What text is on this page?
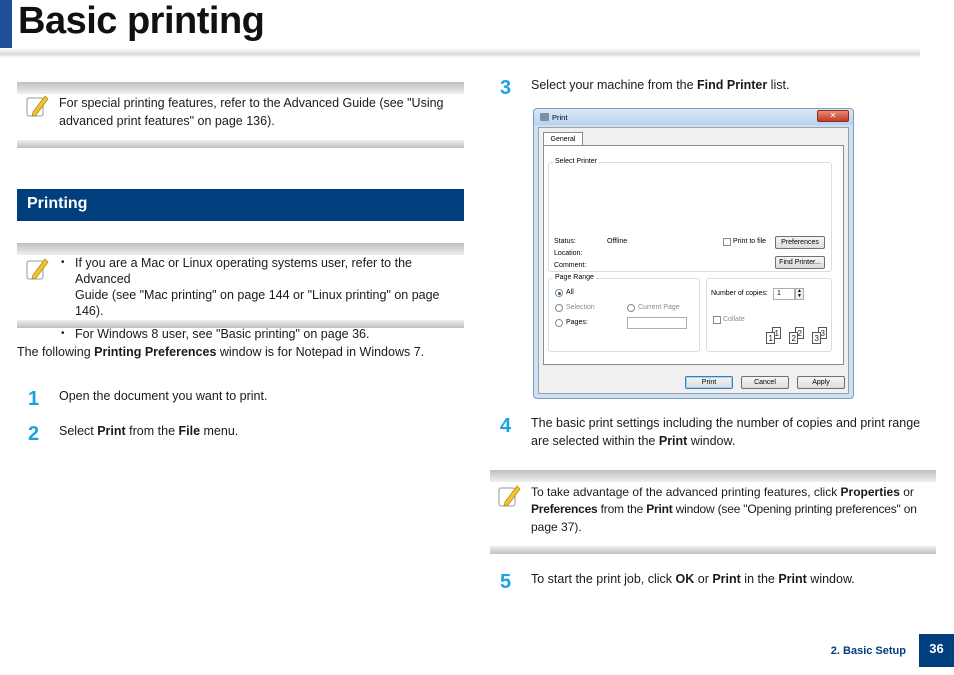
Basic printing
For special printing features, refer to the Advanced Guide (see "Using
advanced print features" on page 136).
Printing
• If you are a Mac or Linux operating systems user, refer to the Advanced
Guide (see "Mac printing" on page 144 or "Linux printing" on page 146).
• For Windows 8 user, see "Basic printing" on page 36.
The following Printing Preferences window is for Notepad in Windows 7.
1 Open the document you want to print.
2 Select Print from the File menu.
3 Select your machine from the Find Printer list.
Print	✕
General
Select Printer
Status:	Offline
Location:
Comment:
Print to file	Preferences
Find Printer...
Page Range
All
Selection	Current Page
Pages:
Number of copies:	1	▲
▼
Collate
Print	Cancel	Apply
1
1
2
2
3
3
4 The basic print settings including the number of copies and print range
are selected within the Print window.
To take advantage of the advanced printing features, click Properties or
Preferences from the Print window (see "Opening printing preferences" on
page 37).
5 To start the print job, click OK or Print in the Print window.
2. Basic Setup	36
